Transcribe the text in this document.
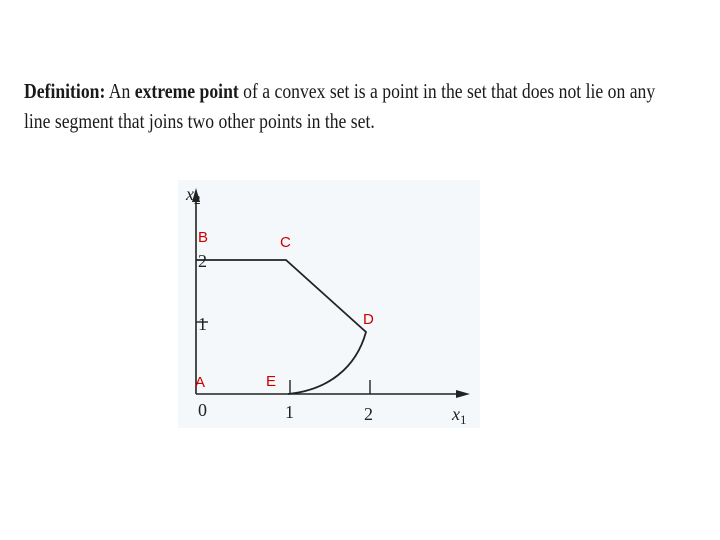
Definition: An extreme point of a convex set is a point in the set that does not lie on any
line segment that joins two other points in the set.
0	1	2
1
2
$x_2$
$x_1$
B	C
D
A	E
